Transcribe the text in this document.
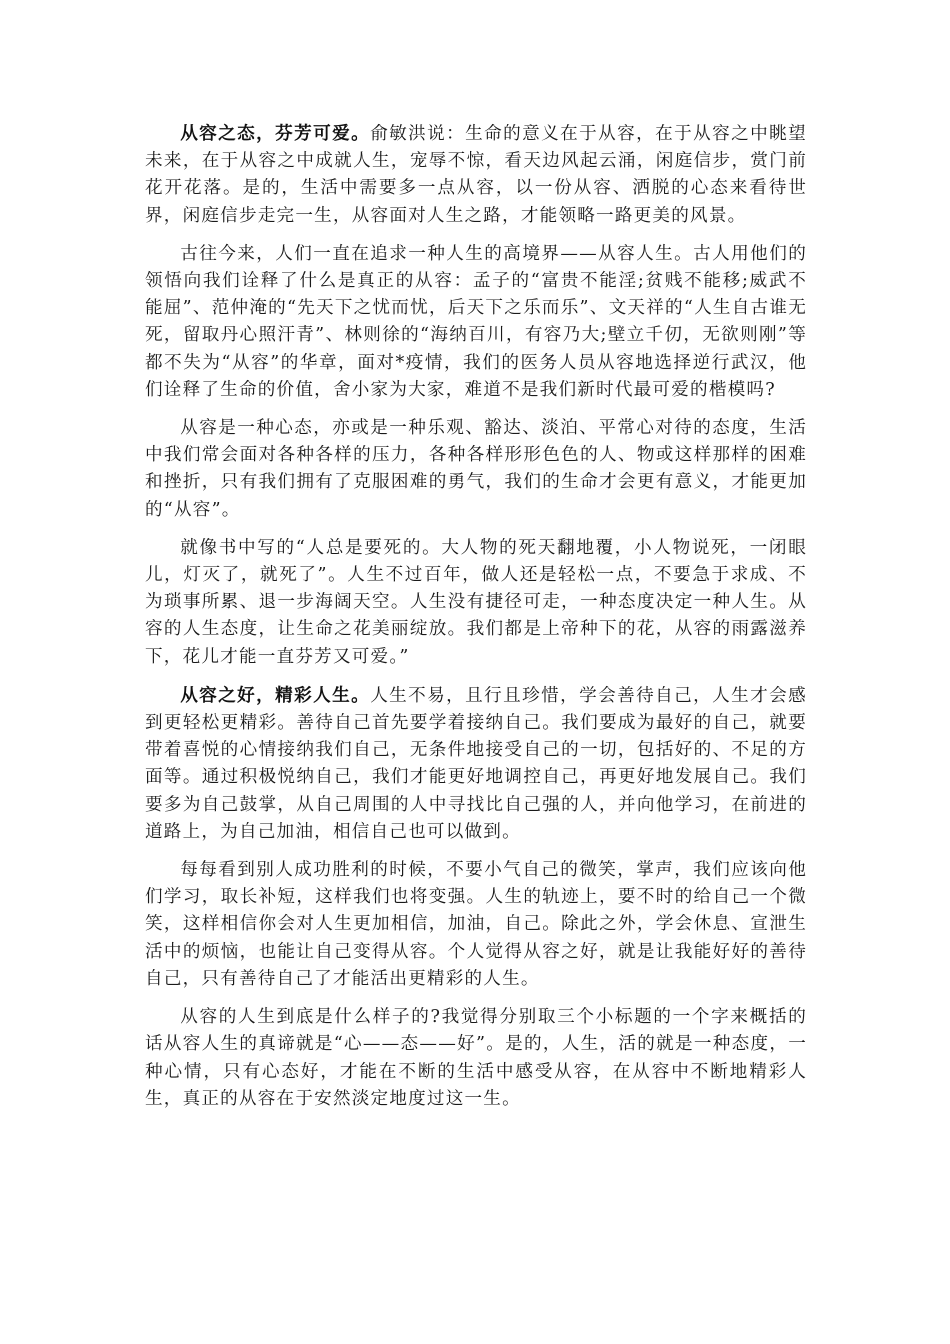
从容之态，芬芳可爱。俞敏洪说：生命的意义在于从容，在于从容之中眺望未来，在于从容之中成就人生，宠辱不惊，看天边风起云涌，闲庭信步，赏门前花开花落。是的，生活中需要多一点从容，以一份从容、洒脱的心态来看待世界，闲庭信步走完一生，从容面对人生之路，才能领略一路更美的风景。

古往今来，人们一直在追求一种人生的高境界——从容人生。古人用他们的领悟向我们诠释了什么是真正的从容：孟子的“富贵不能淫;贫贱不能移;威武不能屈”、范仲淹的“先天下之忧而忧，后天下之乐而乐”、文天祥的“人生自古谁无死，留取丹心照汗青”、林则徐的“海纳百川，有容乃大;壁立千仞，无欲则刚”等都不失为“从容”的华章，面对*疫情，我们的医务人员从容地选择逆行武汉，他们诠释了生命的价值，舍小家为大家，难道不是我们新时代最可爱的楷模吗?

从容是一种心态，亦或是一种乐观、豁达、淡泊、平常心对待的态度，生活中我们常会面对各种各样的压力，各种各样形形色色的人、物或这样那样的困难和挫折，只有我们拥有了克服困难的勇气，我们的生命才会更有意义，才能更加的“从容”。

就像书中写的“人总是要死的。大人物的死天翻地覆，小人物说死，一闭眼儿，灯灭了，就死了”。人生不过百年，做人还是轻松一点，不要急于求成、不为琐事所累、退一步海阔天空。人生没有捷径可走，一种态度决定一种人生。从容的人生态度，让生命之花美丽绽放。我们都是上帝种下的花，从容的雨露滋养下，花儿才能一直芬芳又可爱。”

从容之好，精彩人生。人生不易，且行且珍惜，学会善待自己，人生才会感到更轻松更精彩。善待自己首先要学着接纳自己。我们要成为最好的自己，就要带着喜悦的心情接纳我们自己，无条件地接受自己的一切，包括好的、不足的方面等。通过积极悦纳自己，我们才能更好地调控自己，再更好地发展自己。我们要多为自己鼓掌，从自己周围的人中寻找比自己强的人，并向他学习，在前进的道路上，为自己加油，相信自己也可以做到。

每每看到别人成功胜利的时候，不要小气自己的微笑，掌声，我们应该向他们学习，取长补短，这样我们也将变强。人生的轨迹上，要不时的给自己一个微笑，这样相信你会对人生更加相信，加油，自己。除此之外，学会休息、宣泄生活中的烦恼，也能让自己变得从容。个人觉得从容之好，就是让我能好好的善待自己，只有善待自己了才能活出更精彩的人生。

从容的人生到底是什么样子的?我觉得分别取三个小标题的一个字来概括的话从容人生的真谛就是“心——态——好”。是的，人生，活的就是一种态度，一种心情，只有心态好，才能在不断的生活中感受从容，在从容中不断地精彩人生，真正的从容在于安然淡定地度过这一生。
